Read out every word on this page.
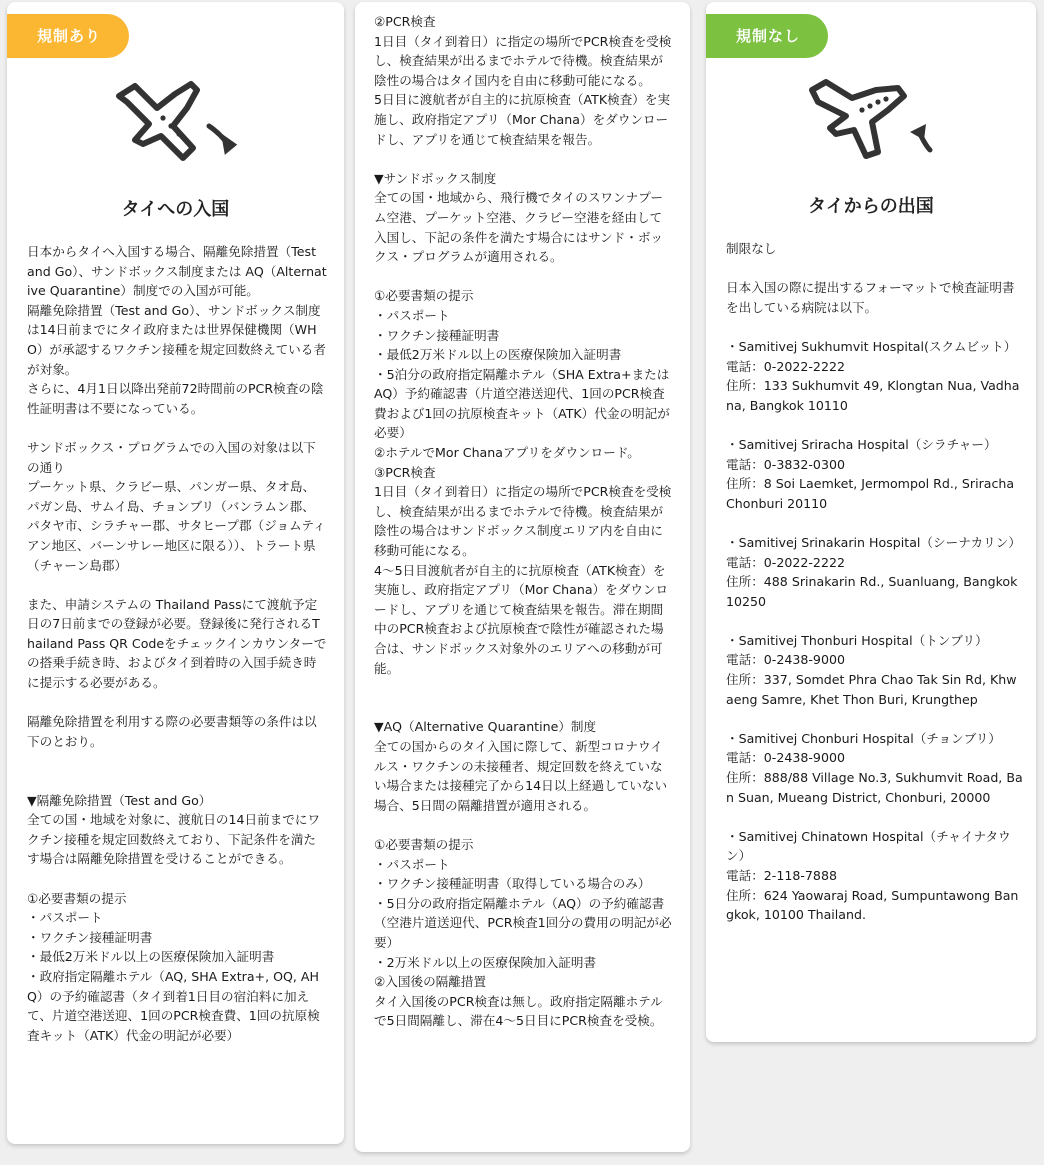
規制あり
タイへの入国
日本からタイへ入国する場合、隔離免除措置（Test and Go）、サンドボックス制度または AQ（Alternative Quarantine）制度での入国が可能。
隔離免除措置（Test and Go）、サンドボックス制度は14日前までにタイ政府または世界保健機関（WHO）が承認するワクチン接種を規定回数終えている者が対象。
さらに、4月1日以降出発前72時間前のPCR検査の陰性証明書は不要になっている。

サンドボックス・プログラムでの入国の対象は以下の通り
プーケット県、クラビー県、パンガー県、タオ島、パガン島、サムイ島、チョンブリ（バンラムン郡、パタヤ市、シラチャー郡、サタヒープ郡（ジョムティアン地区、バーンサレー地区に限る））、トラート県（チャーン島郡）

また、申請システムの Thailand Passにて渡航予定日の7日前までの登録が必要。登録後に発行されるThailand Pass QR Codeをチェックインカウンターでの搭乗手続き時、およびタイ到着時の入国手続き時に提示する必要がある。

隔離免除措置を利用する際の必要書類等の条件は以下のとおり。

▼隔離免除措置（Test and Go）
全ての国・地域を対象に、渡航日の14日前までにワクチン接種を規定回数終えており、下記条件を満たす場合は隔離免除措置を受けることができる。

①必要書類の提示
・パスポート
・ワクチン接種証明書
・最低2万米ドル以上の医療保険加入証明書
・政府指定隔離ホテル（AQ, SHA Extra+, OQ, AHQ）の予約確認書（タイ到着1日目の宿泊料に加えて、片道空港送迎、1回のPCR検査費、1回の抗原検査キット（ATK）代金の明記が必要）
②PCR検査
1日目（タイ到着日）に指定の場所でPCR検査を受検し、検査結果が出るまでホテルで待機。検査結果が陰性の場合はタイ国内を自由に移動可能になる。
5日目に渡航者が自主的に抗原検査（ATK検査）を実施し、政府指定アプリ（Mor Chana）をダウンロードし、アプリを通じて検査結果を報告。

▼サンドボックス制度
全ての国・地域から、飛行機でタイのスワンナプーム空港、プーケット空港、クラビー空港を経由して入国し、下記の条件を満たす場合にはサンド・ボックス・プログラムが適用される。

①必要書類の提示
・パスポート
・ワクチン接種証明書
・最低2万米ドル以上の医療保険加入証明書
・5泊分の政府指定隔離ホテル（SHA Extra+またはAQ）予約確認書（片道空港送迎代、1回のPCR検査費および1回の抗原検査キット（ATK）代金の明記が必要）
②ホテルでMor Chanaアプリをダウンロード。
③PCR検査
1日目（タイ到着日）に指定の場所でPCR検査を受検し、検査結果が出るまでホテルで待機。検査結果が陰性の場合はサンドボックス制度エリア内を自由に移動可能になる。
4〜5日目渡航者が自主的に抗原検査（ATK検査）を実施し、政府指定アプリ（Mor Chana）をダウンロードし、アプリを通じて検査結果を報告。滞在期間中のPCR検査および抗原検査で陰性が確認された場合は、サンドボックス対象外のエリアへの移動が可能。

▼AQ（Alternative Quarantine）制度
全ての国からのタイ入国に際して、新型コロナウイルス・ワクチンの未接種者、規定回数を終えていない場合または接種完了から14日以上経過していない場合、5日間の隔離措置が適用される。

①必要書類の提示
・パスポート
・ワクチン接種証明書（取得している場合のみ）
・5日分の政府指定隔離ホテル（AQ）の予約確認書（空港片道送迎代、PCR検査1回分の費用の明記が必要）
・2万米ドル以上の医療保険加入証明書
②入国後の隔離措置
タイ入国後のPCR検査は無し。政府指定隔離ホテルで5日間隔離し、滞在4〜5日目にPCR検査を受検。
規制なし
タイからの出国
制限なし

日本入国の際に提出するフォーマットで検査証明書を出している病院は以下。

・Samitivej Sukhumvit Hospital(スクムビット）
電話：0-2022-2222
住所：133 Sukhumvit 49, Klongtan Nua, Vadhana, Bangkok 10110

・Samitivej Sriracha Hospital（シラチャー）
電話：0-3832-0300
住所：8 Soi Laemket, Jermompol Rd., Sriracha Chonburi 20110

・Samitivej Srinakarin Hospital（シーナカリン）
電話：0-2022-2222
住所：488 Srinakarin Rd., Suanluang, Bangkok 10250

・Samitivej Thonburi Hospital（トンブリ）
電話：0-2438-9000
住所：337, Somdet Phra Chao Tak Sin Rd, Khwaeng Samre, Khet Thon Buri, Krungthep

・Samitivej Chonburi Hospital（チョンブリ）
電話：0-2438-9000
住所：888/88 Village No.3, Sukhumvit Road, Ban Suan, Mueang District, Chonburi, 20000

・Samitivej Chinatown Hospital（チャイナタウン）
電話：2-118-7888
住所：624 Yaowaraj Road, Sumpuntawong Bangkok, 10100 Thailand.
